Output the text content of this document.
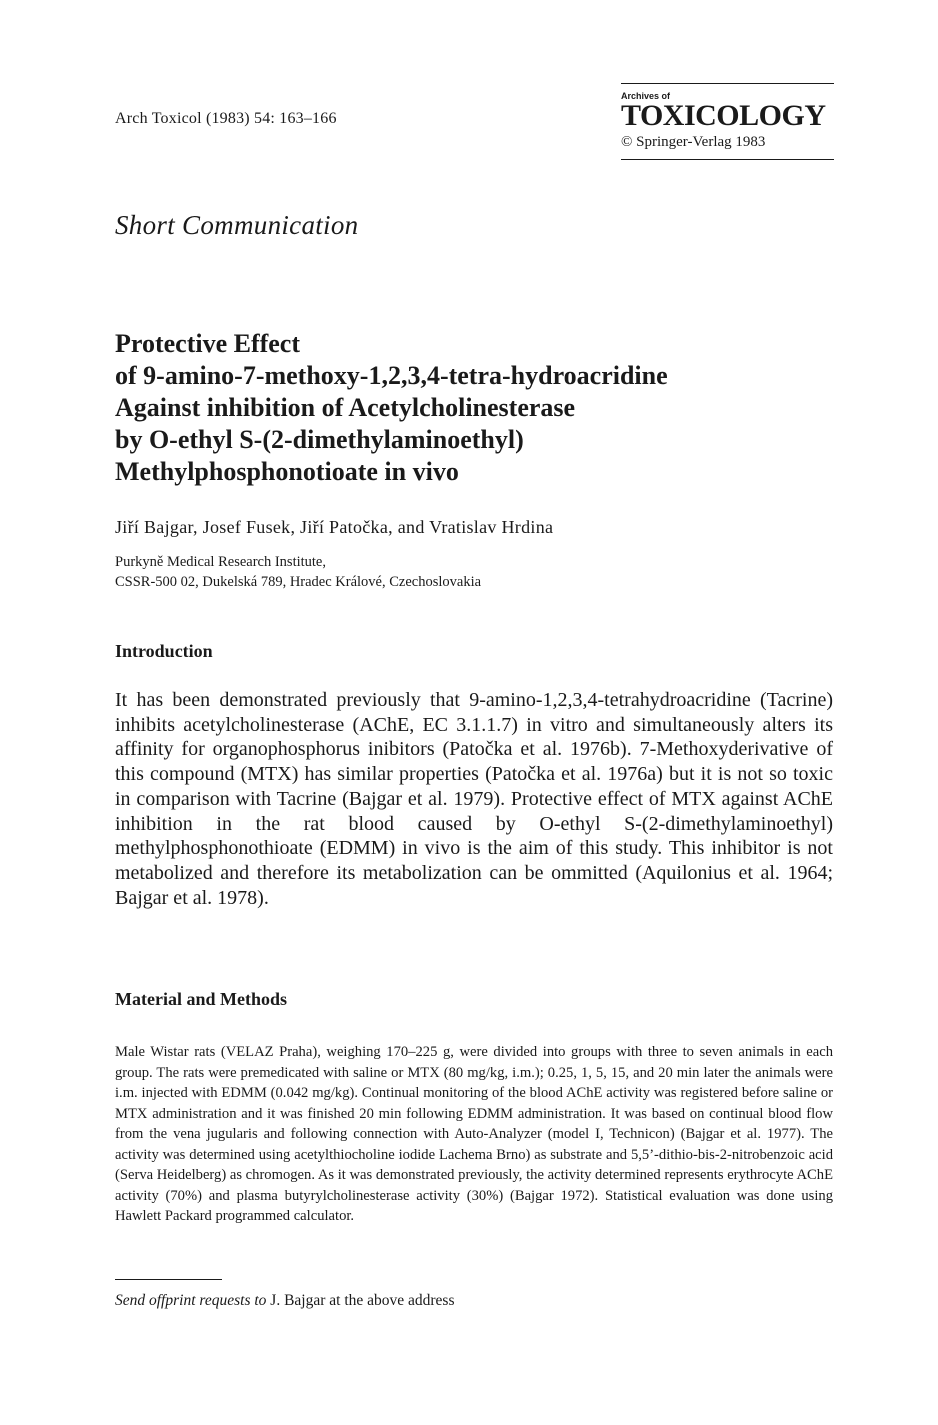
Arch Toxicol (1983) 54: 163–166
Archives of
TOXICOLOGY
© Springer-Verlag 1983
Short Communication
Protective Effect
of 9-amino-7-methoxy-1,2,3,4-tetra-hydroacridine
Against inhibition of Acetylcholinesterase
by O-ethyl S-(2-dimethylaminoethyl)
Methylphosphonotioate in vivo
Jiří Bajgar, Josef Fusek, Jiří Patočka, and Vratislav Hrdina
Purkyně Medical Research Institute,
CSSR-500 02, Dukelská 789, Hradec Králové, Czechoslovakia
Introduction

It has been demonstrated previously that 9-amino-1,2,3,4-tetrahydroacridine (Tacrine) inhibits acetylcholinesterase (AChE, EC 3.1.1.7) in vitro and simultaneously alters its affinity for organophosphorus inibitors (Patočka et al. 1976b). 7-Methoxyderivative of this compound (MTX) has similar properties (Patočka et al. 1976a) but it is not so toxic in comparison with Tacrine (Bajgar et al. 1979). Protective effect of MTX against AChE inhibition in the rat blood caused by O-ethyl S-(2-dimethylaminoethyl) methylphosphonothioate (EDMM) in vivo is the aim of this study. This inhibitor is not metabolized and therefore its metabolization can be ommitted (Aquilonius et al. 1964; Bajgar et al. 1978).

Material and Methods

Male Wistar rats (VELAZ Praha), weighing 170–225 g, were divided into groups with three to seven animals in each group. The rats were premedicated with saline or MTX (80 mg/kg, i.m.); 0.25, 1, 5, 15, and 20 min later the animals were i.m. injected with EDMM (0.042 mg/kg). Continual monitoring of the blood AChE activity was registered before saline or MTX administration and it was finished 20 min following EDMM administration. It was based on continual blood flow from the vena jugularis and following connection with Auto-Analyzer (model I, Technicon) (Bajgar et al. 1977). The activity was determined using acetylthiocholine iodide Lachema Brno) as substrate and 5,5’-dithio-bis-2-nitrobenzoic acid (Serva Heidelberg) as chromogen. As it was demonstrated previously, the activity determined represents erythrocyte AChE activity (70%) and plasma butyrylcholinesterase activity (30%) (Bajgar 1972). Statistical evaluation was done using Hawlett Packard programmed calculator.

Send offprint requests to J. Bajgar at the above address
